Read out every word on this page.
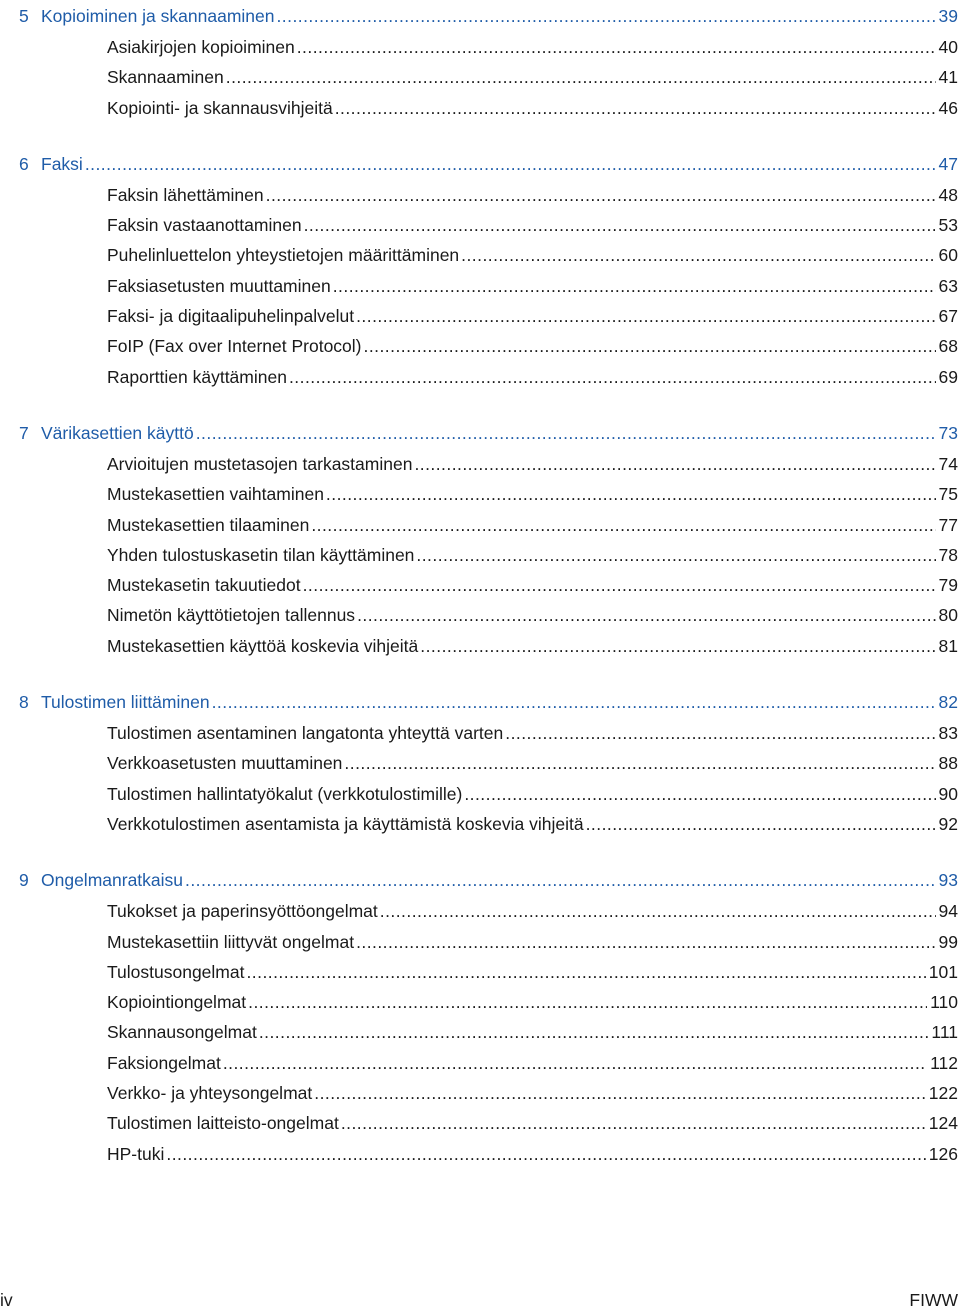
5 Kopioiminen ja skannaaminen . . .	39
Asiakirjojen kopioiminen . . .	40
Skannaaminen . . .	41
Kopiointi- ja skannausvihjeitä . . .	46
6 Faksi . . .	47
Faksin lähettäminen . . .	48
Faksin vastaanottaminen . . .	53
Puhelinluettelon yhteystietojen määrittäminen . . .	60
Faksiasetusten muuttaminen . . .	63
Faksi- ja digitaalipuhelinpalvelut . . .	67
FoIP (Fax over Internet Protocol) . . .	68
Raporttien käyttäminen . . .	69
7 Värikasettien käyttö . . .	73
Arvioitujen mustetasojen tarkastaminen . . .	74
Mustekasettien vaihtaminen . . .	75
Mustekasettien tilaaminen . . .	77
Yhden tulostuskasetin tilan käyttäminen . . .	78
Mustekasetin takuutiedot . . .	79
Nimetön käyttötietojen tallennus . . .	80
Mustekasettien käyttöä koskevia vihjeitä . . .	81
8 Tulostimen liittäminen . . .	82
Tulostimen asentaminen langatonta yhteyttä varten . . .	83
Verkkoasetusten muuttaminen . . .	88
Tulostimen hallintatyökalut (verkkotulostimille) . . .	90
Verkkotulostimen asentamista ja käyttämistä koskevia vihjeitä . . .	92
9 Ongelmanratkaisu . . .	93
Tukokset ja paperinsyöttöongelmat . . .	94
Mustekasettiin liittyvät ongelmat . . .	99
Tulostusongelmat . . .	101
Kopiointiongelmat . . .	110
Skannausongelmat . . .	111
Faksiongelmat . . .	112
Verkko- ja yhteysongelmat . . .	122
Tulostimen laitteisto-ongelmat . . .	124
HP-tuki . . .	126
iv	FIWW
